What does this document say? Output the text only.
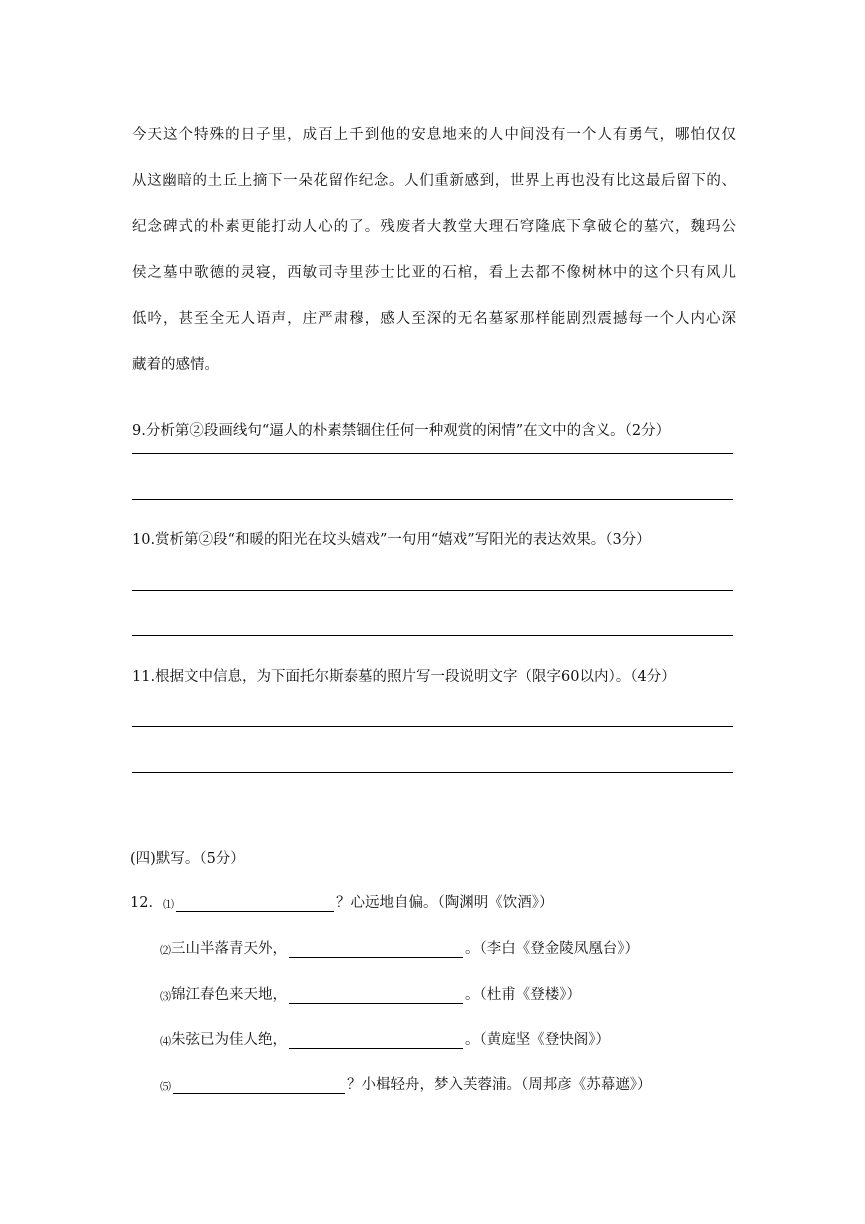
今天这个特殊的日子里，成百上千到他的安息地来的人中间没有一个人有勇气，哪怕仅仅
从这幽暗的土丘上摘下一朵花留作纪念。人们重新感到，世界上再也没有比这最后留下的、
纪念碑式的朴素更能打动人心的了。残废者大教堂大理石穹隆底下拿破仑的墓穴，魏玛公
侯之墓中歌德的灵寝，西敏司寺里莎士比亚的石棺，看上去都不像树林中的这个只有风儿
低吟，甚至全无人语声，庄严肃穆，感人至深的无名墓冢那样能剧烈震撼每一个人内心深
藏着的感情。
9.分析第②段画线句“逼人的朴素禁锢住任何一种观赏的闲情”在文中的含义。（2分）
10.赏析第②段“和暖的阳光在坟头嬉戏”一句用“嬉戏”写阳光的表达效果。（3分）
11.根据文中信息，为下面托尔斯泰墓的照片写一段说明文字（限字60以内）。（4分）
(四)默写。（5分）
12． ⑴	？心远地自偏。（陶渊明《饮酒》）
⑵ 三山半落青天外，	。（李白《登金陵凤凰台》）
⑶ 锦江春色来天地，	。（杜甫《登楼》）
⑷ 朱弦已为佳人绝，	。（黄庭坚《登快阁》）
⑸	？小楫轻舟，梦入芙蓉浦。（周邦彦《苏幕遮》）
